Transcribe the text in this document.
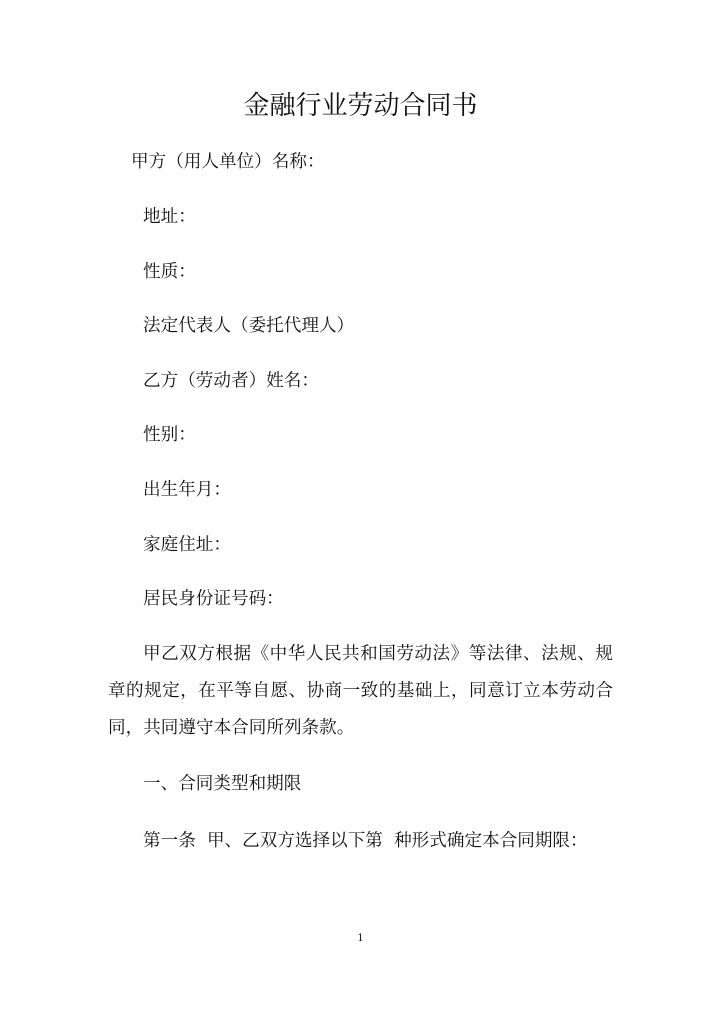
金融行业劳动合同书
甲方（用人单位）名称：
地址：
性质：
法定代表人（委托代理人）
乙方（劳动者）姓名：
性别：
出生年月：
家庭住址：
居民身份证号码：
甲乙双方根据《中华人民共和国劳动法》等法律、法规、规章的规定，在平等自愿、协商一致的基础上，同意订立本劳动合同，共同遵守本合同所列条款。
一、合同类型和期限
第一条  甲、乙双方选择以下第  种形式确定本合同期限：
1
